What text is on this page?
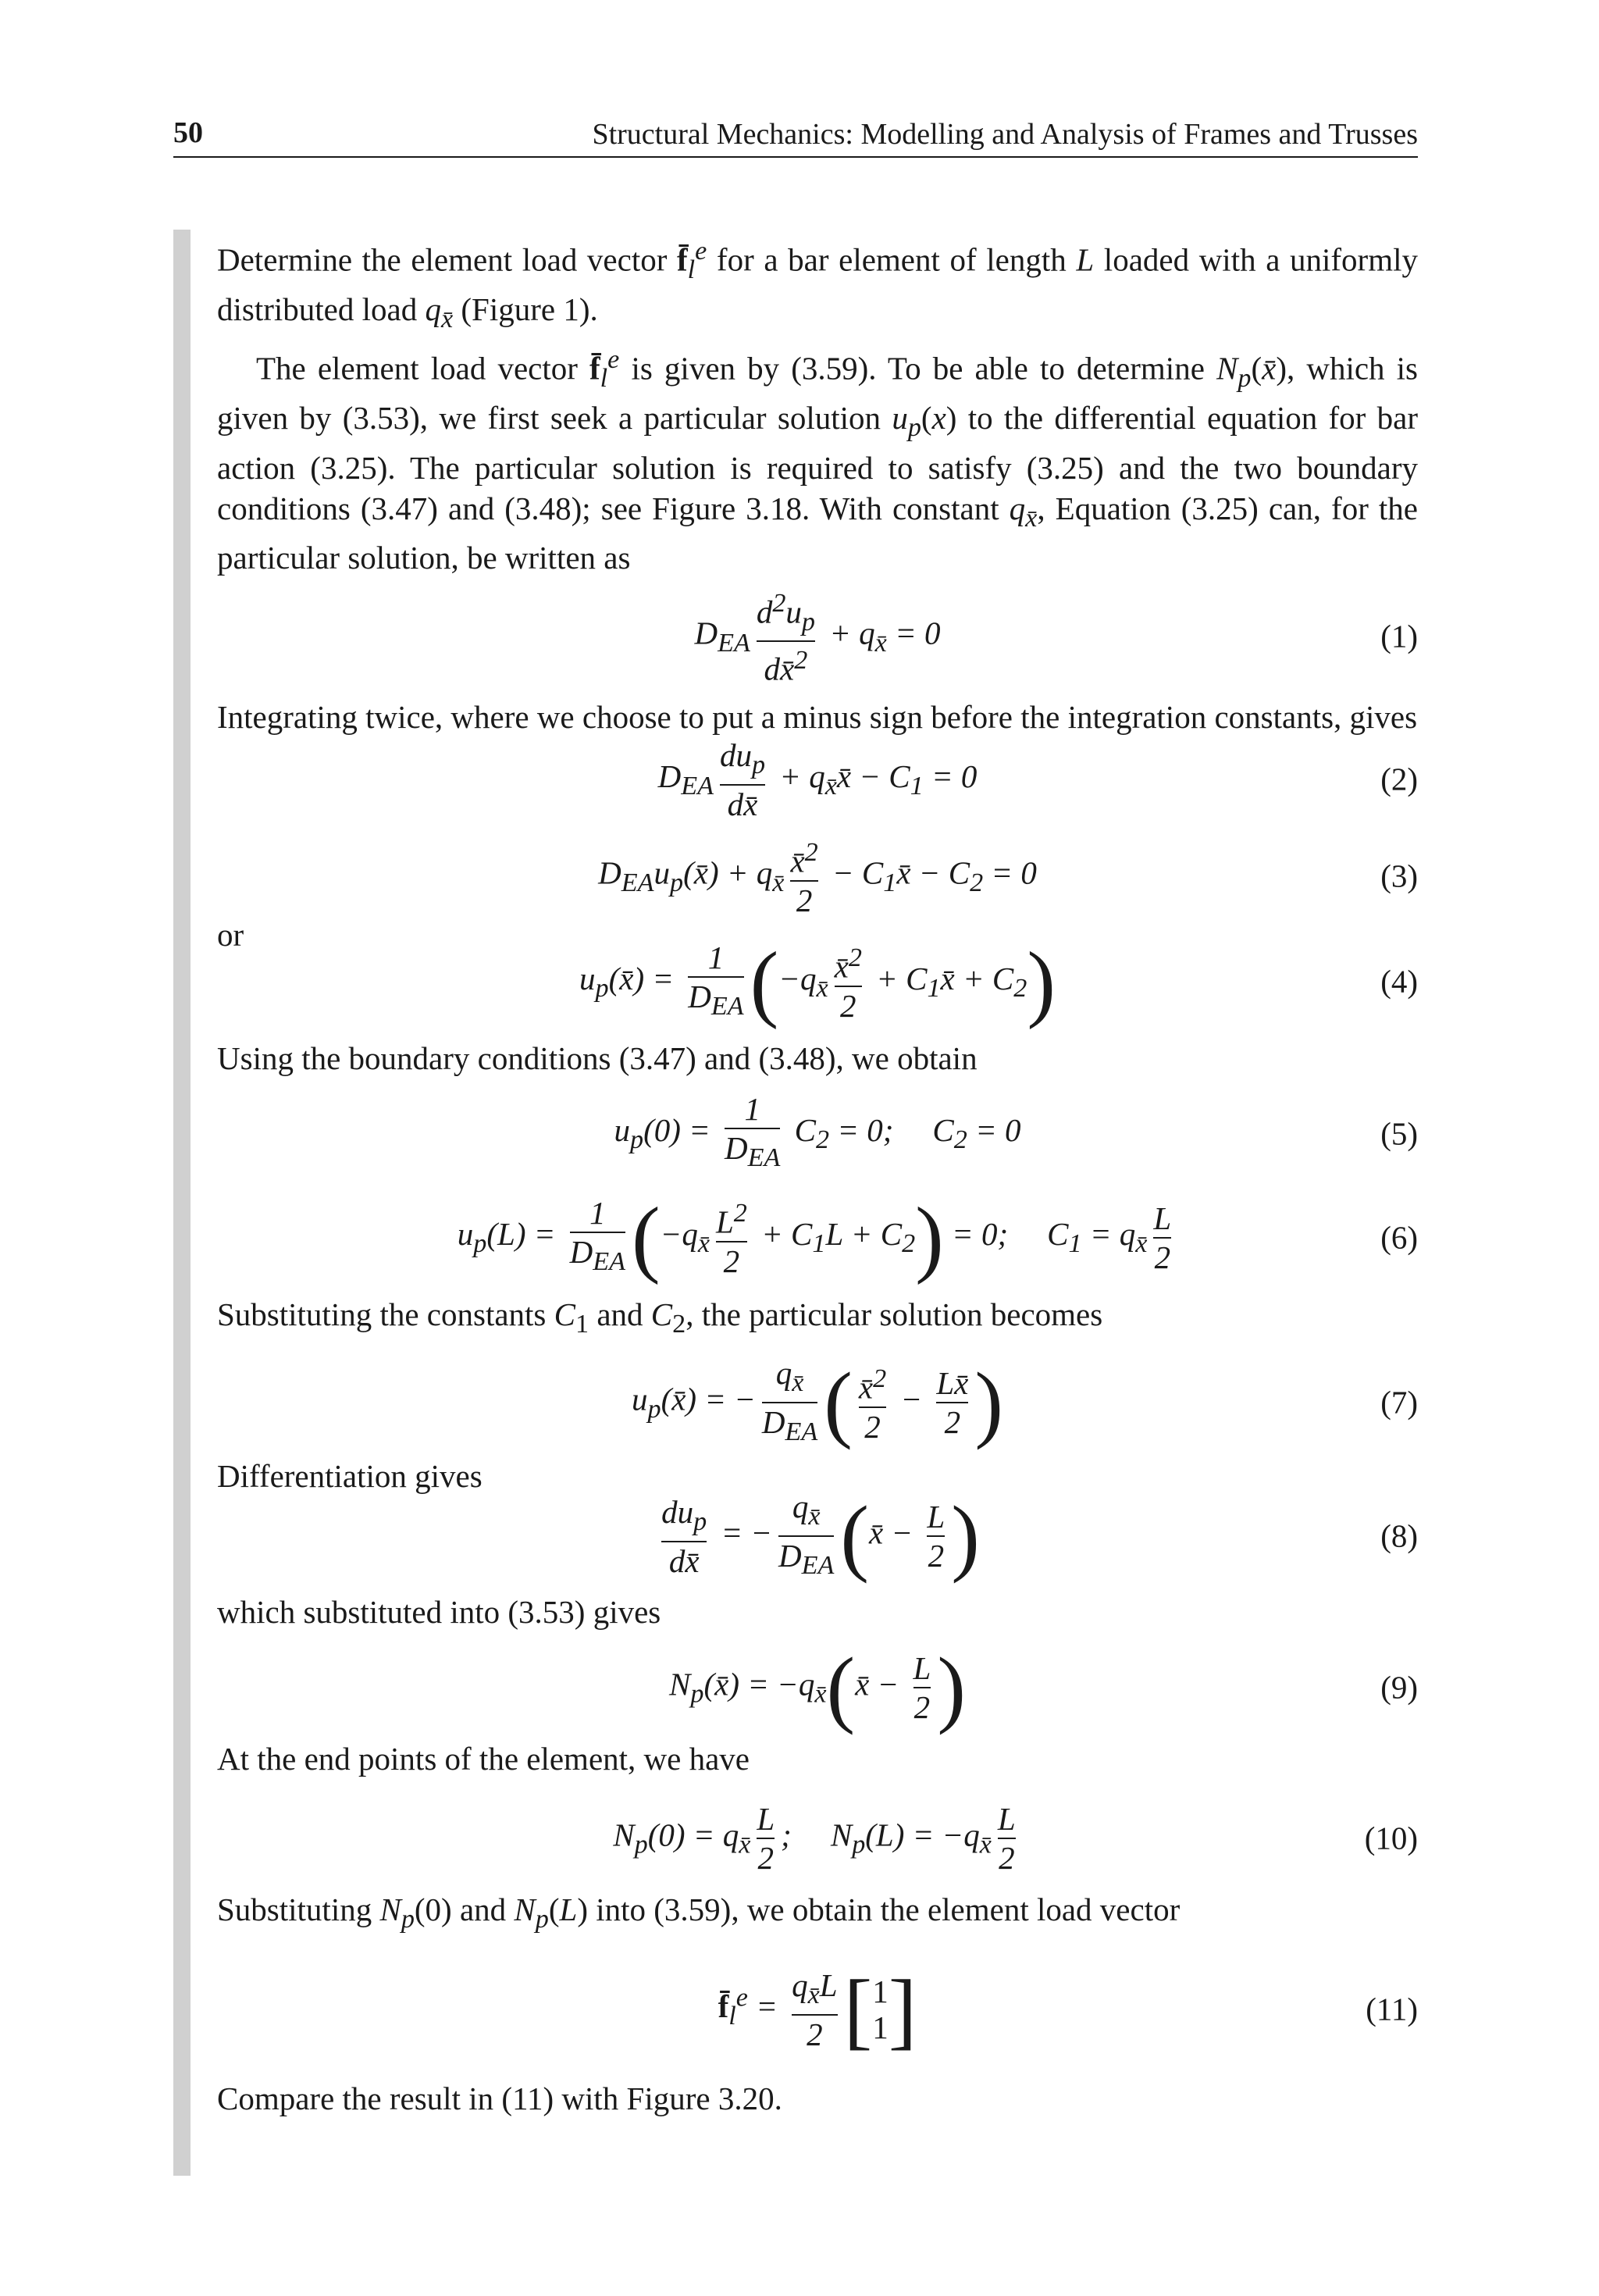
50	Structural Mechanics: Modelling and Analysis of Frames and Trusses

Determine the element load vector $f̄_l^e$ for a bar element of length L loaded with a uniformly distributed load $q_{x̄}$ (Figure 1).

The element load vector $f̄_l^e$ is given by (3.59). To be able to determine $N_p(x̄)$, which is given by (3.53), we first seek a particular solution $u_p(x)$ to the differential equation for bar action (3.25). The particular solution is required to satisfy (3.25) and the two boundary conditions (3.47) and (3.48); see Figure 3.18. With constant $q_{x̄}$, Equation (3.25) can, for the particular solution, be written as

$D_{EA} \frac{d^2u_p}{dx̄^2} + q_{x̄} = 0$	(1)

Integrating twice, where we choose to put a minus sign before the integration constants, gives

$D_{EA} \frac{du_p}{dx̄}$ + $q_{x̄}x̄ - C_1 = 0$	(2)
$D_{EA}u_p(x̄) + q_{x̄} \frac{x̄^2}{2}$ − $C_1x̄ - C_2 = 0$	(3)
or
$u_p(x̄) = \frac{1}{D_{EA}} (-q_{x̄} \frac{x̄^2}{2}$ + $C_1x̄ + C_2$)	(4)

Using the boundary conditions (3.47) and (3.48), we obtain

$u_p(0) = \frac{1}{D_{EA}} C_2 = 0$; $C_2 = 0$	(5)
$u_p(L) = \frac{1}{D_{EA}} (-q_{x̄} \frac{L^2}{2} + C_1L + C_2) = 0$; $C_1 = q_{x̄} \frac{L}{2}$	(6)

Substituting the constants $C_1$ and $C_2$, the particular solution becomes

$u_p(x̄)$ = − $\frac{q_{x̄}}{D_{EA}}$ ( $\frac{x̄^2}{2} - \frac{Lx̄}{2}$ )	(7)
Differentiation gives
$\frac{du_p}{dx̄}$ = − $\frac{q_{x̄}}{D_{EA}}$ (x̄ − $\frac{L}{2}$ )	(8)

which substituted into (3.53) gives

$N_p(x̄)$ = $-q_{x̄}(x̄ - \frac{L}{2}$ )	(9)

At the end points of the element, we have

$N_p(0) = q_{x̄} \frac{L}{2}$ ; $N_p(L) = -q_{x̄} \frac{L}{2}$	(10)

Substituting $N_p(0)$ and $N_p(L)$ into (3.59), we obtain the element load vector

$f̄_l^e = \frac{q_{x̄}L}{2}$ [ 1
1 ]	(11)

Compare the result in (11) with Figure 3.20.
